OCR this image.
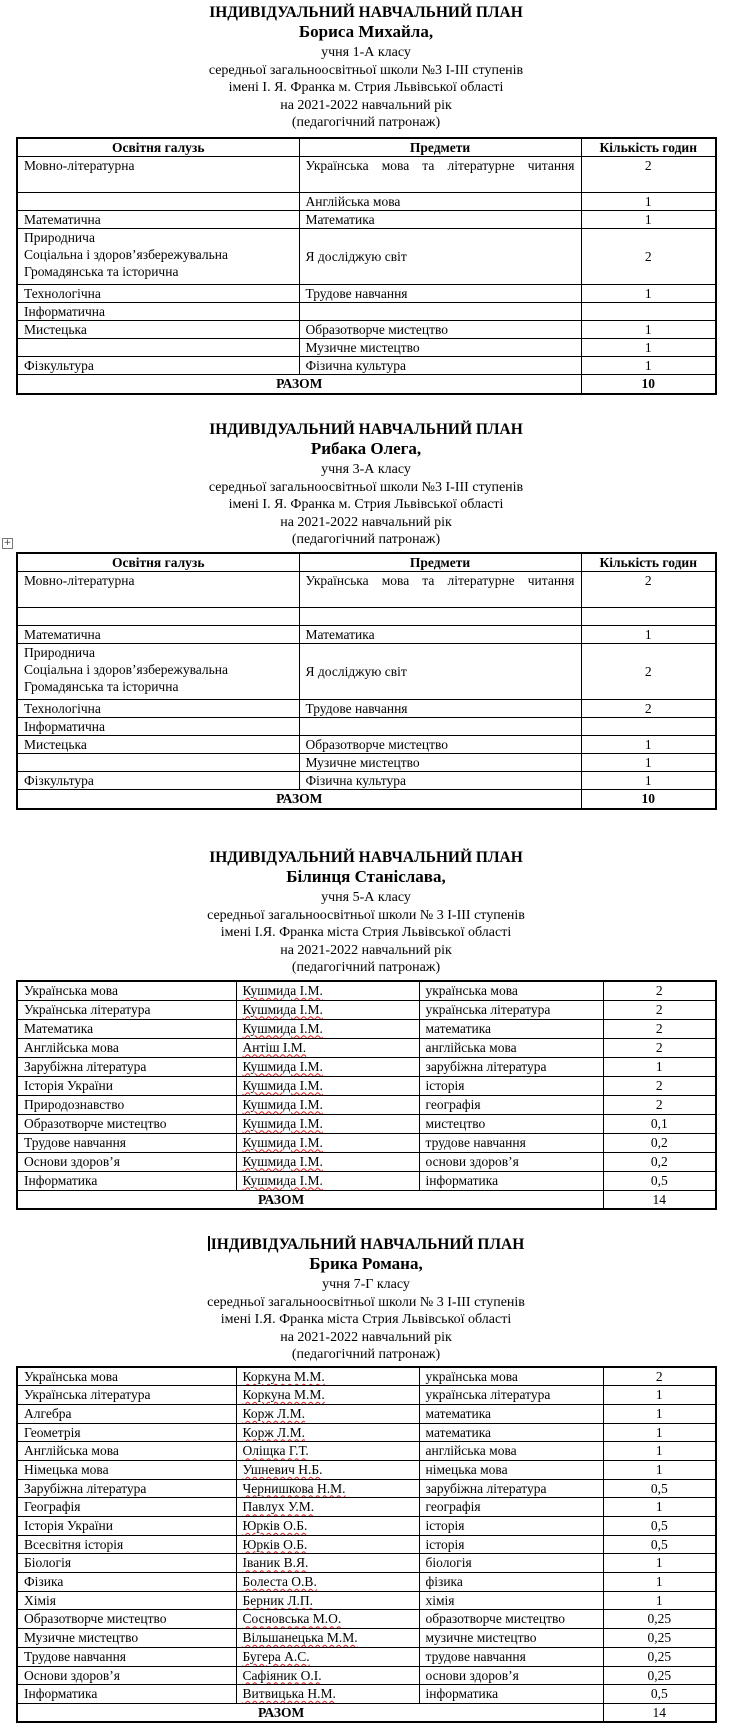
ІНДИВІДУАЛЬНИЙ НАВЧАЛЬНИЙ ПЛАН
Бориса Михайла,
учня 1-А класу
середньої загальноосвітньої школи №3 І-ІІІ ступенів
імені І. Я. Франка м. Стрия Львівської області
на 2021-2022 навчальний рік
(педагогічний патронаж)
Освітня галузь	Предмети	Кількість годин
Мовно-літературна	Українська мова та літературне читання	2
	Англійська мова	1
Математична	Математика	1
Природнича
Соціальна і здоров’язбережувальна
Громадянська та історична	Я досліджую світ	2
Технологічна	Трудове навчання	1
Інформатична		
Мистецька	Образотворче мистецтво	1
	Музичне мистецтво	1
Фізкультура	Фізична культура	1
РАЗОМ		10
ІНДИВІДУАЛЬНИЙ НАВЧАЛЬНИЙ ПЛАН
Рибака Олега,
учня 3-А класу
середньої загальноосвітньої школи №3 І-ІІІ ступенів
імені І. Я. Франка м. Стрия Львівської області
на 2021-2022 навчальний рік
(педагогічний патронаж)
+
Освітня галузь	Предмети	Кількість годин
Мовно-літературна	Українська мова та літературне читання	2

Математична	Математика	1
Природнича
Соціальна і здоров’язбережувальна
Громадянська та історична	Я досліджую світ	2
Технологічна	Трудове навчання	2
Інформатична		
Мистецька	Образотворче мистецтво	1
	Музичне мистецтво	1
Фізкультура	Фізична культура	1
РАЗОМ		10
ІНДИВІДУАЛЬНИЙ НАВЧАЛЬНИЙ ПЛАН
Білинця Станіслава,
учня 5-А класу
середньої загальноосвітньої школи № 3 І-ІІІ ступенів
імені І.Я. Франка міста Стрия Львівської області
на 2021-2022 навчальний рік
(педагогічний патронаж)
Українська мова	Кушмида І.М.	українська мова	2
Українська література	Кушмида І.М.	українська література	2
Математика	Кушмида І.М.	математика	2
Англійська мова	Антіш І.М.	англійська мова	2
Зарубіжна література	Кушмида І.М.	зарубіжна література	1
Історія України	Кушмида І.М.	історія	2
Природознавство	Кушмида І.М.	географія	2
Образотворче мистецтво	Кушмида І.М.	мистецтво	0,1
Трудове навчання	Кушмида І.М.	трудове навчання	0,2
Основи здоров’я	Кушмида І.М.	основи здоров’я	0,2
Інформатика	Кушмида І.М.	інформатика	0,5
РАЗОМ			14
ІНДИВІДУАЛЬНИЙ НАВЧАЛЬНИЙ ПЛАН
Брика Романа,
учня 7-Г класу
середньої загальноосвітньої школи № 3 І-ІІІ ступенів
імені І.Я. Франка міста Стрия Львівської області
на 2021-2022 навчальний рік
(педагогічний патронаж)
Українська мова	Коркуна М.М.	українська мова	2
Українська література	Коркуна М.М.	українська література	1
Алгебра	Корж Л.М.	математика	1
Геометрія	Корж Л.М.	математика	1
Англійська мова	Оліщка Г.Т.	англійська мова	1
Німецька мова	Ушневич Н.Б.	німецька мова	1
Зарубіжна література	Чернишкова Н.М.	зарубіжна література	0,5
Географія	Павлух У.М.	географія	1
Історія України	Юрків О.Б.	історія	0,5
Всесвітня історія	Юрків О.Б.	історія	0,5
Біологія	Іваник В.Я.	біологія	1
Фізика	Болеста О.В.	фізика	1
Хімія	Берник Л.П.	хімія	1
Образотворче мистецтво	Сосновська М.О.	образотворче мистецтво	0,25
Музичне мистецтво	Вільшанецька М.М.	музичне мистецтво	0,25
Трудове навчання	Бугера А.С.	трудове навчання	0,25
Основи здоров’я	Сафіяник О.І.	основи здоров’я	0,25
Інформатика	Витвицька Н.М.	інформатика	0,5
РАЗОМ			14
